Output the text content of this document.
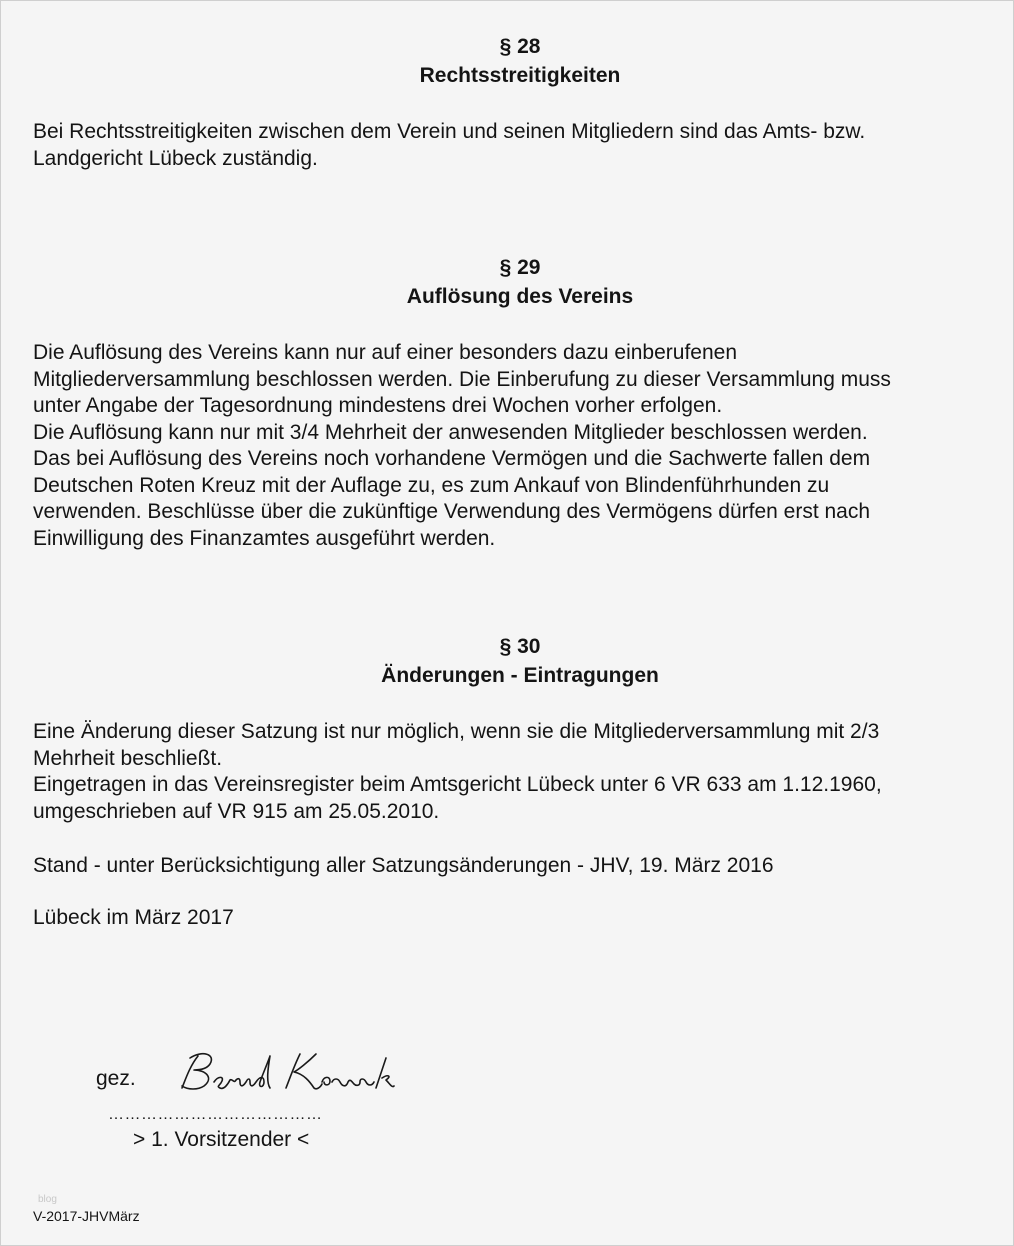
§ 28
Rechtsstreitigkeiten
Bei Rechtsstreitigkeiten zwischen dem Verein und seinen Mitgliedern sind das Amts- bzw.
Landgericht Lübeck zuständig.
§ 29
Auflösung des Vereins
Die Auflösung des Vereins kann nur auf einer besonders dazu einberufenen
Mitgliederversammlung beschlossen werden. Die Einberufung zu dieser Versammlung muss
unter Angabe der Tagesordnung mindestens drei Wochen vorher erfolgen.
Die Auflösung kann nur mit 3/4 Mehrheit der anwesenden Mitglieder beschlossen werden.
Das bei Auflösung des Vereins noch vorhandene Vermögen und die Sachwerte fallen dem
Deutschen Roten Kreuz mit der Auflage zu, es zum Ankauf von Blindenführhunden zu
verwenden. Beschlüsse über die zukünftige Verwendung des Vermögens dürfen erst nach
Einwilligung des Finanzamtes ausgeführt werden.
§ 30
Änderungen - Eintragungen
Eine Änderung dieser Satzung ist nur möglich, wenn sie die Mitgliederversammlung mit 2/3
Mehrheit beschließt.
Eingetragen in das Vereinsregister beim Amtsgericht Lübeck unter 6 VR 633 am 1.12.1960,
umgeschrieben auf VR 915 am 25.05.2010.
Stand - unter Berücksichtigung aller Satzungsänderungen - JHV, 19. März 2016
Lübeck im März 2017
gez.
…………………………………
> 1. Vorsitzender <
blog
V-2017-JHVMärz
